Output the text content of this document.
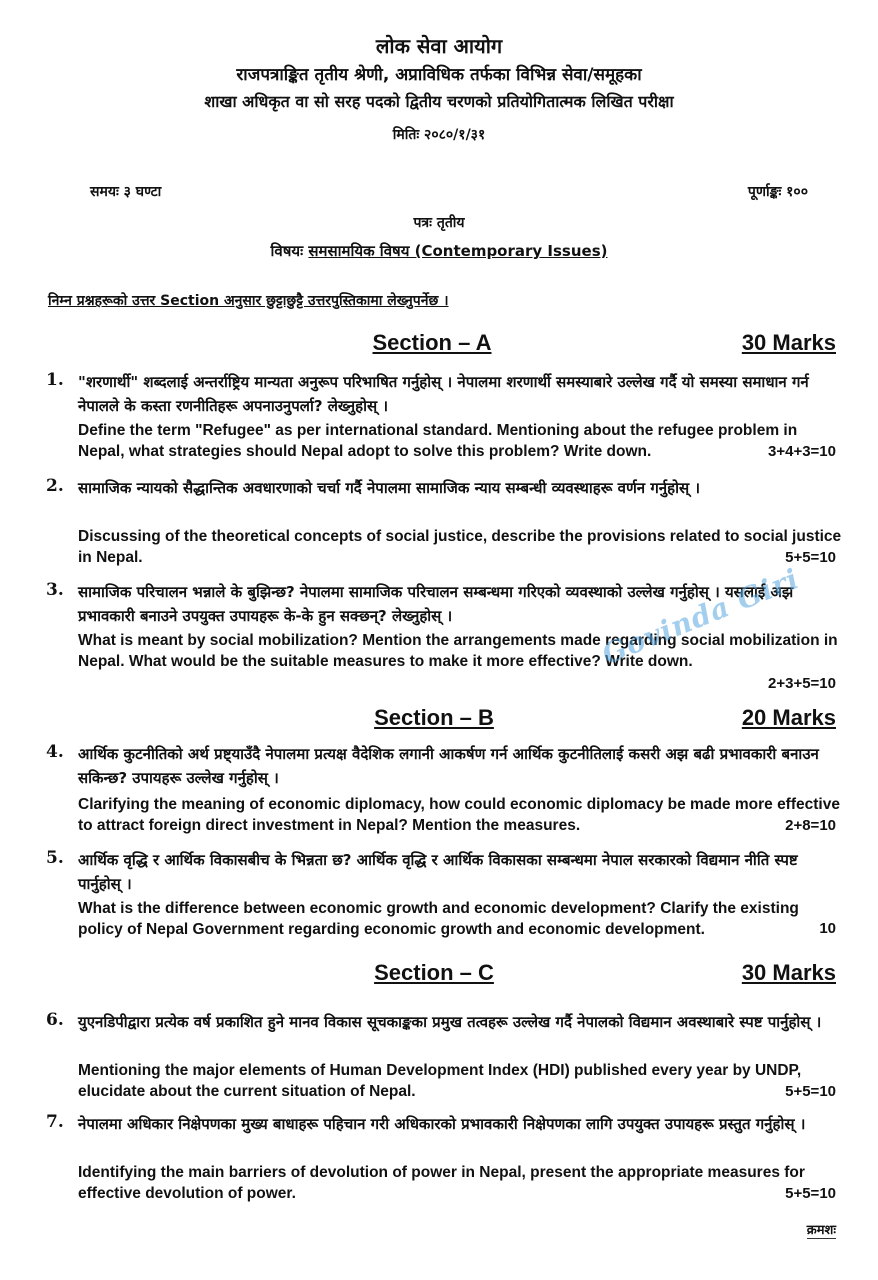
लोक सेवा आयोग
राजपत्राङ्कित तृतीय श्रेणी, अप्राविधिक तर्फका विभिन्न सेवा/समूहका
शाखा अधिकृत वा सो सरह पदको द्वितीय चरणको प्रतियोगितात्मक लिखित परीक्षा
मितिः २०८०/१/३१
समयः ३ घण्टा	पूर्णाङ्कः १००
पत्रः तृतीय
विषयः समसामयिक विषय (Contemporary Issues)
निम्न प्रश्नहरूको उत्तर Section अनुसार छुट्टाछुट्टै उत्तरपुस्तिकामा लेख्नुपर्नेछ ।
Section – A	30 Marks
1. "शरणार्थी" शब्दलाई अन्तर्राष्ट्रिय मान्यता अनुरूप परिभाषित गर्नुहोस् । नेपालमा शरणार्थी समस्याबारे उल्लेख गर्दै यो समस्या समाधान गर्न नेपालले के कस्ता रणनीतिहरू अपनाउनुपर्ला? लेख्नुहोस् ।
Define the term "Refugee" as per international standard. Mentioning about the refugee problem in Nepal, what strategies should Nepal adopt to solve this problem? Write down.	3+4+3=10
2. सामाजिक न्यायको सैद्धान्तिक अवधारणाको चर्चा गर्दै नेपालमा सामाजिक न्याय सम्बन्धी व्यवस्थाहरू वर्णन गर्नुहोस् ।
Discussing of the theoretical concepts of social justice, describe the provisions related to social justice in Nepal.	5+5=10
3. सामाजिक परिचालन भन्नाले के बुझिन्छ? नेपालमा सामाजिक परिचालन सम्बन्धमा गरिएको व्यवस्थाको उल्लेख गर्नुहोस् । यसलाई अझ प्रभावकारी बनाउने उपयुक्त उपायहरू के-के हुन सक्छन्? लेख्नुहोस् ।
What is meant by social mobilization? Mention the arrangements made regarding social mobilization in Nepal. What would be the suitable measures to make it more effective? Write down.
2+3+5=10
Section – B	20 Marks
4. आर्थिक कुटनीतिको अर्थ प्रष्ट्याउँदै नेपालमा प्रत्यक्ष वैदेशिक लगानी आकर्षण गर्न आर्थिक कुटनीतिलाई कसरी अझ बढी प्रभावकारी बनाउन सकिन्छ? उपायहरू उल्लेख गर्नुहोस् ।
Clarifying the meaning of economic diplomacy, how could economic diplomacy be made more effective to attract foreign direct investment in Nepal? Mention the measures.	2+8=10
5. आर्थिक वृद्धि र आर्थिक विकासबीच के भिन्नता छ? आर्थिक वृद्धि र आर्थिक विकासका सम्बन्धमा नेपाल सरकारको विद्यमान नीति स्पष्ट पार्नुहोस् ।
What is the difference between economic growth and economic development? Clarify the existing policy of Nepal Government regarding economic growth and economic development.	10
Section – C	30 Marks
6. युएनडिपीद्वारा प्रत्येक वर्ष प्रकाशित हुने मानव विकास सूचकाङ्कका प्रमुख तत्वहरू उल्लेख गर्दै नेपालको विद्यमान अवस्थाबारे स्पष्ट पार्नुहोस् ।
Mentioning the major elements of Human Development Index (HDI) published every year by UNDP, elucidate about the current situation of Nepal.	5+5=10
7. नेपालमा अधिकार निक्षेपणका मुख्य बाधाहरू पहिचान गरी अधिकारको प्रभावकारी निक्षेपणका लागि उपयुक्त उपायहरू प्रस्तुत गर्नुहोस् ।
Identifying the main barriers of devolution of power in Nepal, present the appropriate measures for effective devolution of power.	5+5=10
क्रमशः
Govinda Giri
